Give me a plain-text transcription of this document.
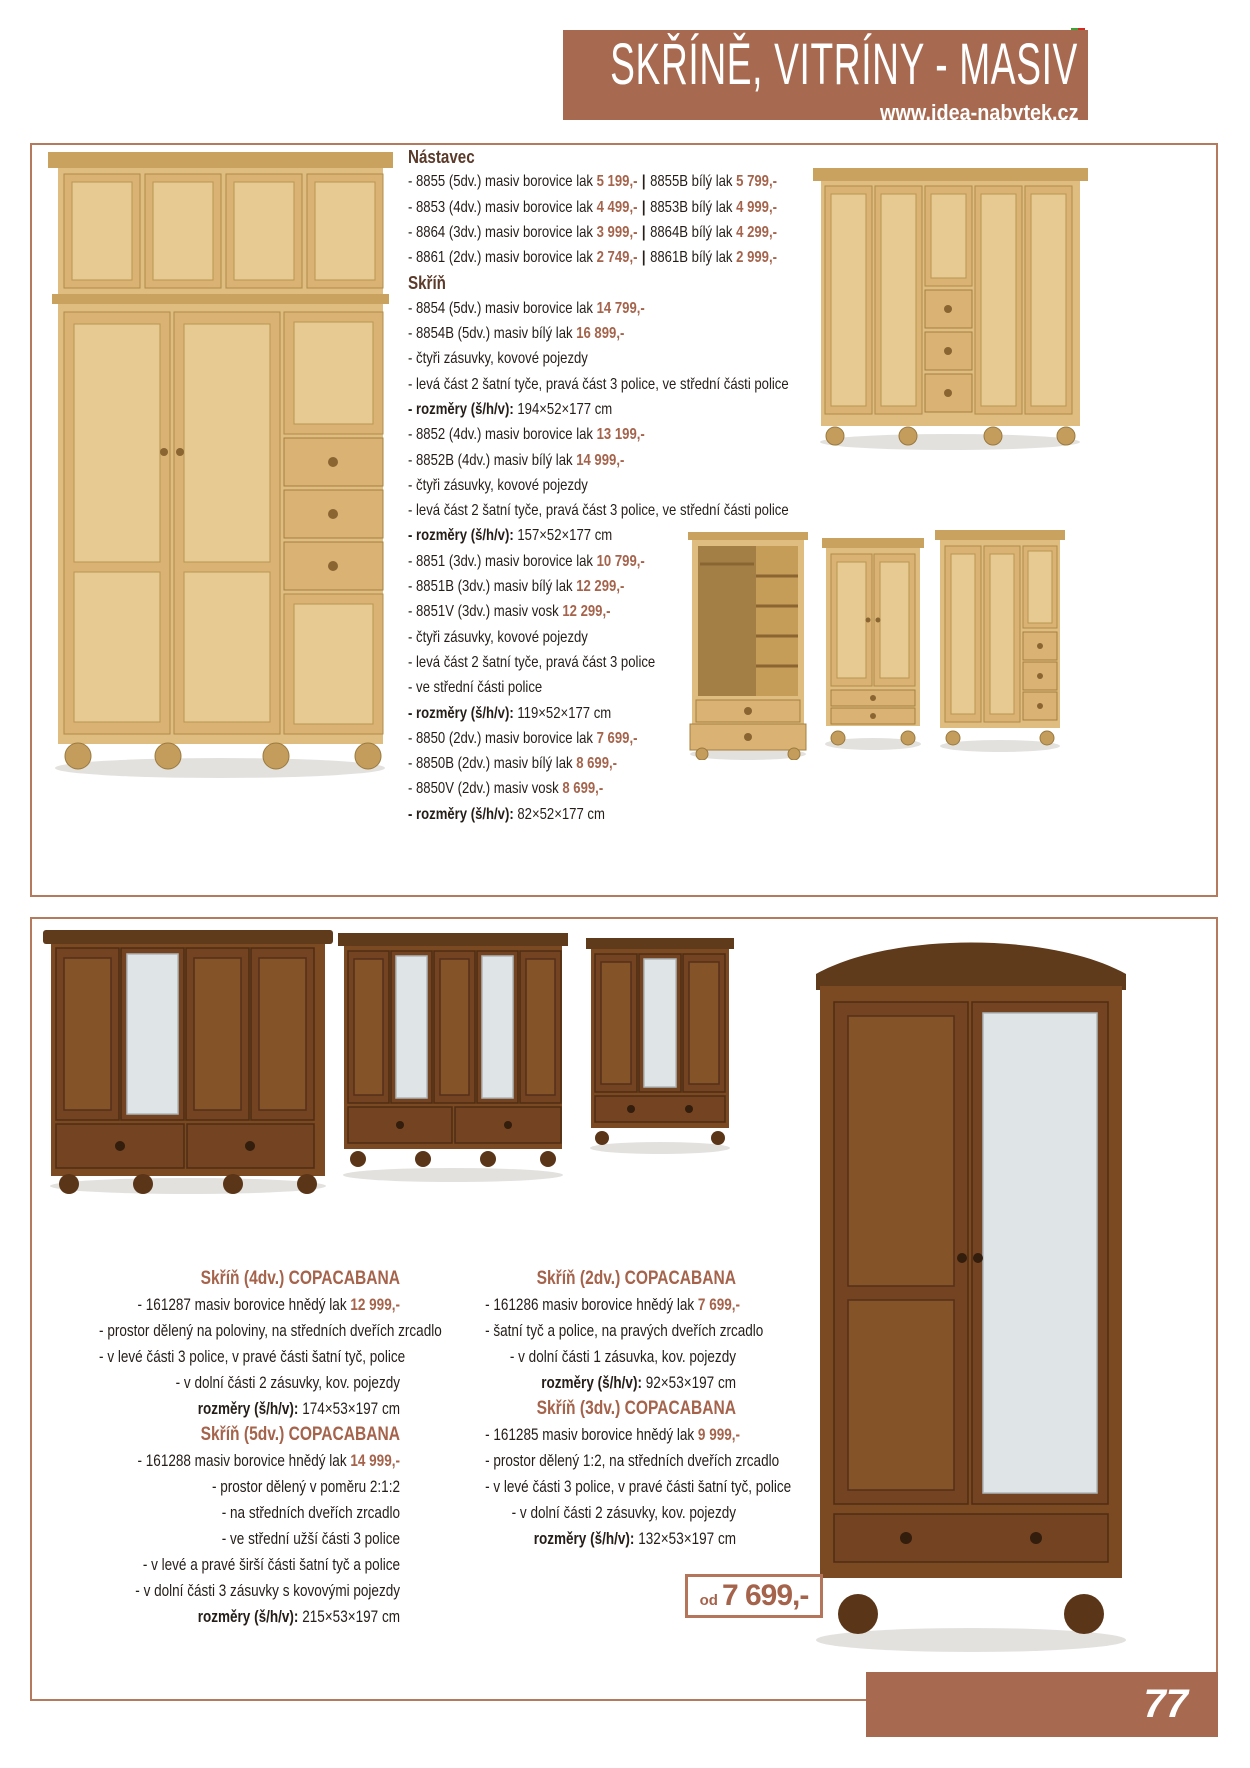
SKŘÍNĚ, VITRÍNY - MASIV
www.idea-nabytek.cz
Nástavec
- 8855 (5dv.) masiv borovice lak 5 199,- | 8855B bílý lak 5 799,-
- 8853 (4dv.) masiv borovice lak 4 499,- | 8853B bílý lak 4 999,-
- 8864 (3dv.) masiv borovice lak 3 999,- | 8864B bílý lak 4 299,-
- 8861 (2dv.) masiv borovice lak 2 749,- | 8861B bílý lak 2 999,-
Skříň
- 8854 (5dv.) masiv borovice lak 14 799,-
- 8854B (5dv.) masiv bílý lak 16 899,-
- čtyři zásuvky, kovové pojezdy
- levá část 2 šatní tyče, pravá část 3 police, ve střední části police
- rozměry (š/h/v): 194×52×177 cm
- 8852 (4dv.) masiv borovice lak 13 199,-
- 8852B (4dv.) masiv bílý lak 14 999,-
- čtyři zásuvky, kovové pojezdy
- levá část 2 šatní tyče, pravá část 3 police, ve střední části police
- rozměry (š/h/v): 157×52×177 cm
- 8851 (3dv.) masiv borovice lak 10 799,-
- 8851B (3dv.) masiv bílý lak 12 299,-
- 8851V (3dv.) masiv vosk 12 299,-
- čtyři zásuvky, kovové pojezdy
- levá část 2 šatní tyče, pravá část 3 police
- ve střední části police
- rozměry (š/h/v): 119×52×177 cm
- 8850 (2dv.) masiv borovice lak 7 699,-
- 8850B (2dv.) masiv bílý lak 8 699,-
- 8850V (2dv.) masiv vosk 8 699,-
- rozměry (š/h/v): 82×52×177 cm
Skříň (4dv.) COPACABANA
- 161287 masiv borovice hnědý lak 12 999,-
- prostor dělený na poloviny, na středních dveřích zrcadlo
- v levé části 3 police, v pravé části šatní tyč, police
- v dolní části 2 zásuvky, kov. pojezdy
rozměry (š/h/v): 174×53×197 cm
Skříň (5dv.) COPACABANA
- 161288 masiv borovice hnědý lak 14 999,-
- prostor dělený v poměru 2:1:2
- na středních dveřích zrcadlo
- ve střední užší části 3 police
- v levé a pravé širší části šatní tyč a police
- v dolní části 3 zásuvky s kovovými pojezdy
rozměry (š/h/v): 215×53×197 cm
Skříň (2dv.) COPACABANA
- 161286 masiv borovice hnědý lak 7 699,-
- šatní tyč a police, na pravých dveřích zrcadlo
- v dolní části 1 zásuvka, kov. pojezdy
rozměry (š/h/v): 92×53×197 cm
Skříň (3dv.) COPACABANA
- 161285 masiv borovice hnědý lak 9 999,-
- prostor dělený 1:2, na středních dveřích zrcadlo
- v levé části 3 police, v pravé části šatní tyč, police
- v dolní části 2 zásuvky, kov. pojezdy
rozměry (š/h/v): 132×53×197 cm
od 7 699,-
77
